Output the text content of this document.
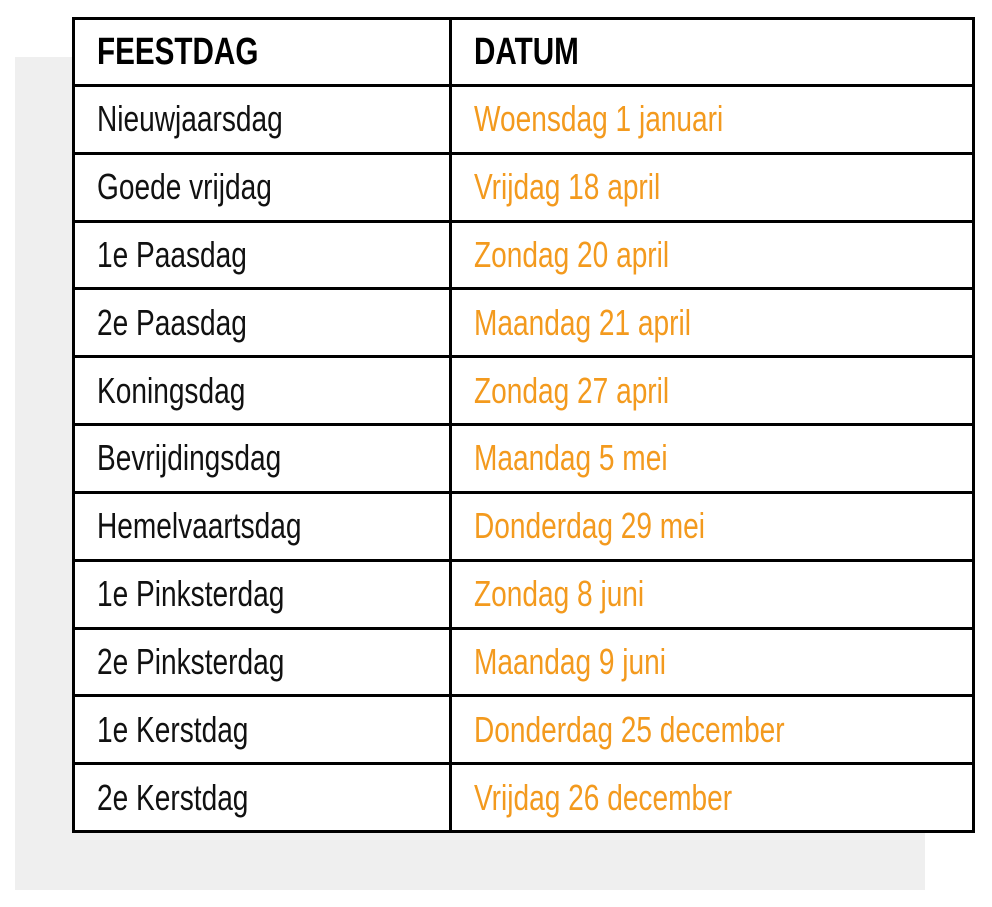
FEESTDAG	DATUM
Nieuwjaarsdag	Woensdag 1 januari
Goede vrijdag	Vrijdag 18 april
1e Paasdag	Zondag 20 april
2e Paasdag	Maandag 21 april
Koningsdag	Zondag 27 april
Bevrijdingsdag	Maandag 5 mei
Hemelvaartsdag	Donderdag 29 mei
1e Pinksterdag	Zondag 8 juni
2e Pinksterdag	Maandag 9 juni
1e Kerstdag	Donderdag 25 december
2e Kerstdag	Vrijdag 26 december
